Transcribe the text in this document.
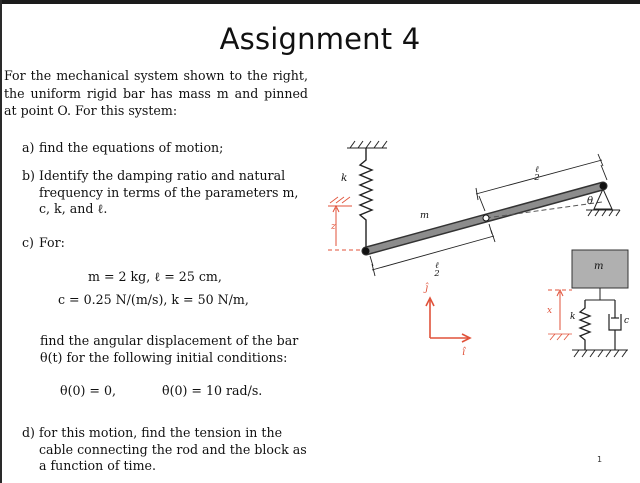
Assignment 4
For the mechanical system shown to the right, the uniform rigid bar has mass m and pinned at point O. For this system:
a) find the equations of motion;
b) Identify the damping ratio and natural frequency in terms of the parameters m, c, k, and ℓ.
c) For:
m = 2 kg, ℓ = 25 cm,
c = 0.25 N/(m/s), k = 50 N/m,
find the angular displacement of the bar θ(t) for the following initial conditions:
θ(0) = 0,	θ̇(0) = 10 rad/s.
d) for this motion, find the tension in the cable connecting the rod and the block as a function of time.
k
m
θ
ℓ
2
ℓ
2
z
x
m
k	c
ĵ
î
1
